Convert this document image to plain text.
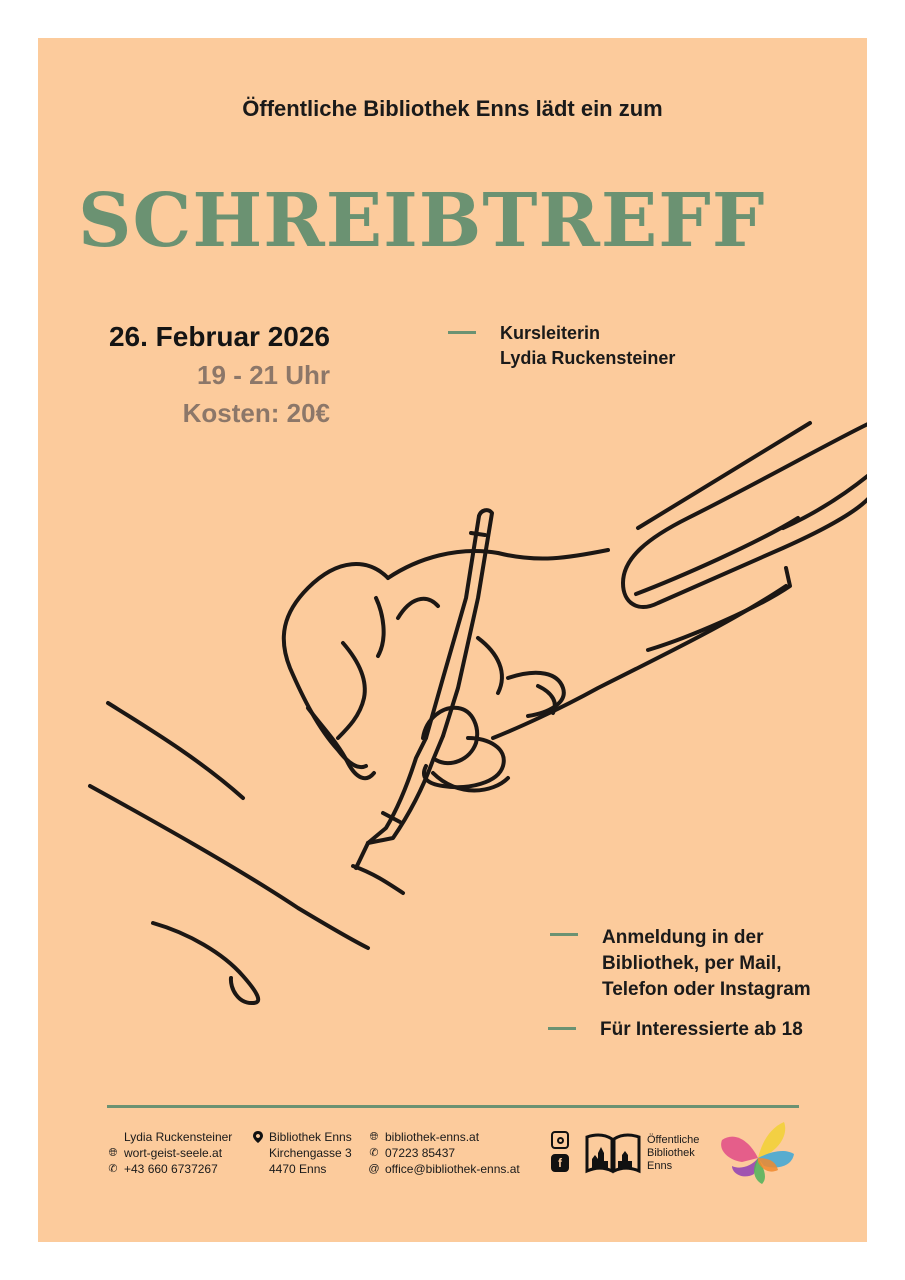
Öffentliche Bibliothek Enns lädt ein zum
SCHREIBTREFF
26. Februar 2026
19 - 21 Uhr
Kosten: 20€
Kursleiterin
Lydia Ruckensteiner
Anmeldung in der
Bibliothek, per Mail,
Telefon oder Instagram
Für Interessierte ab 18
Lydia Ruckensteiner
🌐︎ wort-geist-seele.at
✆ +43 660 6737267
Bibliothek Enns
Kirchengasse 3
4470 Enns
🌐︎ bibliothek-enns.at
✆ 07223 85437
@ office@bibliothek-enns.at	f
Öffentliche
Bibliothek
Enns
